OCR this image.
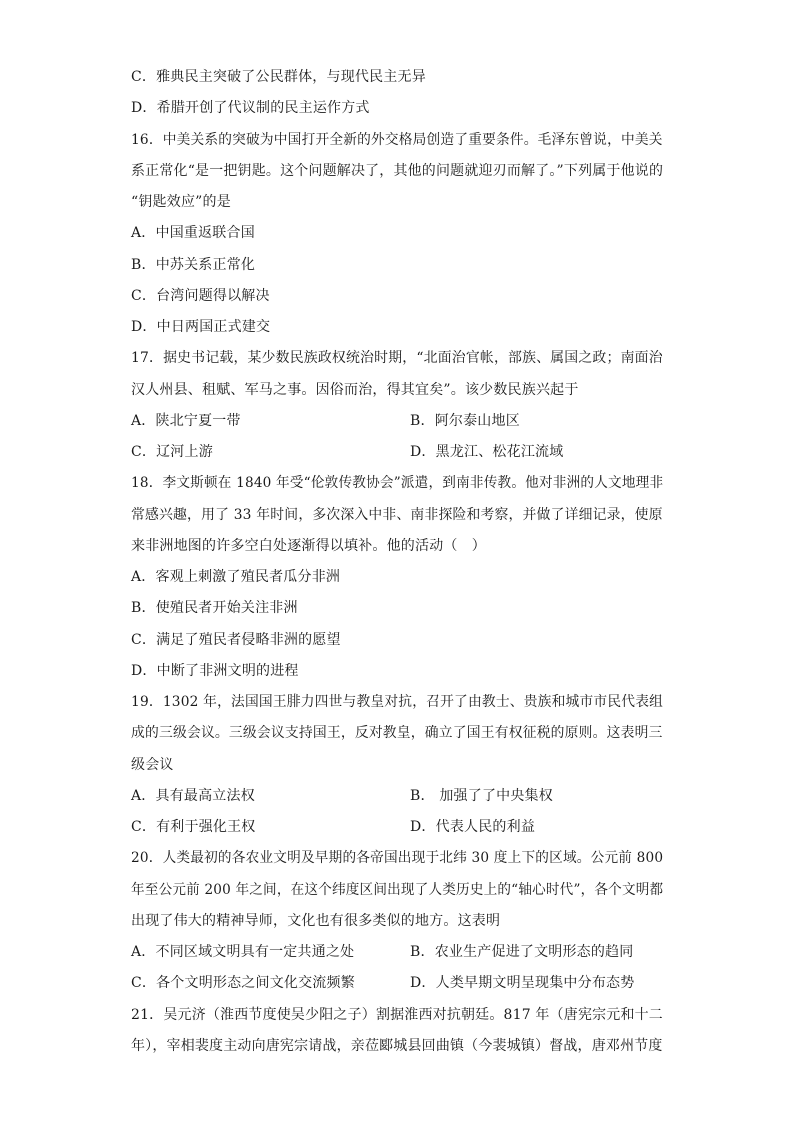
C．雅典民主突破了公民群体，与现代民主无异
D．希腊开创了代议制的民主运作方式
16．中美关系的突破为中国打开全新的外交格局创造了重要条件。毛泽东曾说，中美关
系正常化“是一把钥匙。这个问题解决了，其他的问题就迎刃而解了。”下列属于他说的
“钥匙效应”的是
A．中国重返联合国
B．中苏关系正常化
C．台湾问题得以解决
D．中日两国正式建交
17．据史书记载，某少数民族政权统治时期，“北面治官帐，部族、属国之政；南面治
汉人州县、租赋、军马之事。因俗而治，得其宜矣”。该少数民族兴起于
A．陕北宁夏一带	B．阿尔泰山地区
C．辽河上游	D．黑龙江、松花江流域
18．李文斯顿在 1840 年受“伦敦传教协会”派遣，到南非传教。他对非洲的人文地理非
常感兴趣，用了 33 年时间，多次深入中非、南非探险和考察，并做了详细记录，使原
来非洲地图的许多空白处逐渐得以填补。他的活动（　）
A．客观上刺激了殖民者瓜分非洲
B．使殖民者开始关注非洲
C．满足了殖民者侵略非洲的愿望
D．中断了非洲文明的进程
19．1302 年，法国国王腓力四世与教皇对抗，召开了由教士、贵族和城市市民代表组
成的三级会议。三级会议支持国王，反对教皇，确立了国王有权征税的原则。这表明三
级会议
A．具有最高立法权	B． 加强了了中央集权
C．有利于强化王权	D．代表人民的利益
20．人类最初的各农业文明及早期的各帝国出现于北纬 30 度上下的区域。公元前 800
年至公元前 200 年之间，在这个纬度区间出现了人类历史上的“轴心时代”，各个文明都
出现了伟大的精神导师，文化也有很多类似的地方。这表明
A．不同区域文明具有一定共通之处	B．农业生产促进了文明形态的趋同
C．各个文明形态之间文化交流频繁	D．人类早期文明呈现集中分布态势
21．吴元济（淮西节度使吴少阳之子）割据淮西对抗朝廷。817 年（唐宪宗元和十二
年），宰相裴度主动向唐宪宗请战，亲莅郾城县回曲镇（今裴城镇）督战，唐邓州节度
